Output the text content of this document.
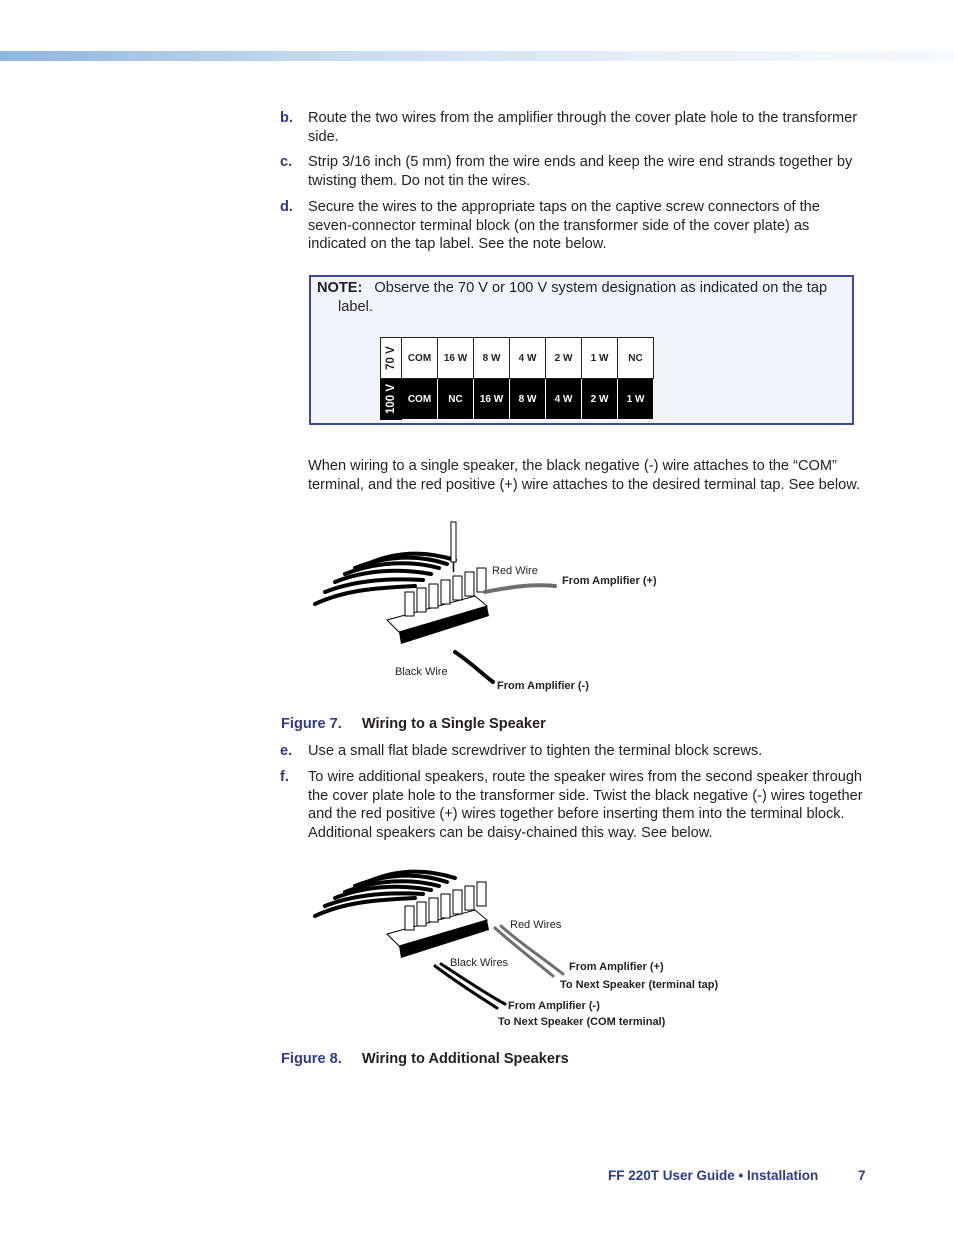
b. Route the two wires from the amplifier through the cover plate hole to the transformer side.
c. Strip 3/16 inch (5 mm) from the wire ends and keep the wire end strands together by twisting them. Do not tin the wires.
d. Secure the wires to the appropriate taps on the captive screw connectors of the seven-connector terminal block (on the transformer side of the cover plate) as indicated on the tap label. See the note below.
NOTE: Observe the 70 V or 100 V system designation as indicated on the tap label.
70 V	COM	16 W	8 W	4 W	2 W	1 W	NC

100 V	COM	NC	16 W	8 W	4 W	2 W	1 W
When wiring to a single speaker, the black negative (-) wire attaches to the “COM” terminal, and the red positive (+) wire attaches to the desired terminal tap. See below.
Red Wire
From Amplifier (+)
Black Wire
From Amplifier (-)
Figure 7. Wiring to a Single Speaker
e. Use a small flat blade screwdriver to tighten the terminal block screws.
f. To wire additional speakers, route the speaker wires from the second speaker through the cover plate hole to the transformer side. Twist the black negative (-) wires together and the red positive (+) wires together before inserting them into the terminal block. Additional speakers can be daisy-chained this way. See below.
Red Wires
From Amplifier (+)
To Next Speaker (terminal tap)
Black Wires
From Amplifier (-)
To Next Speaker (COM terminal)
Figure 8. Wiring to Additional Speakers
FF 220T User Guide • Installation	7
